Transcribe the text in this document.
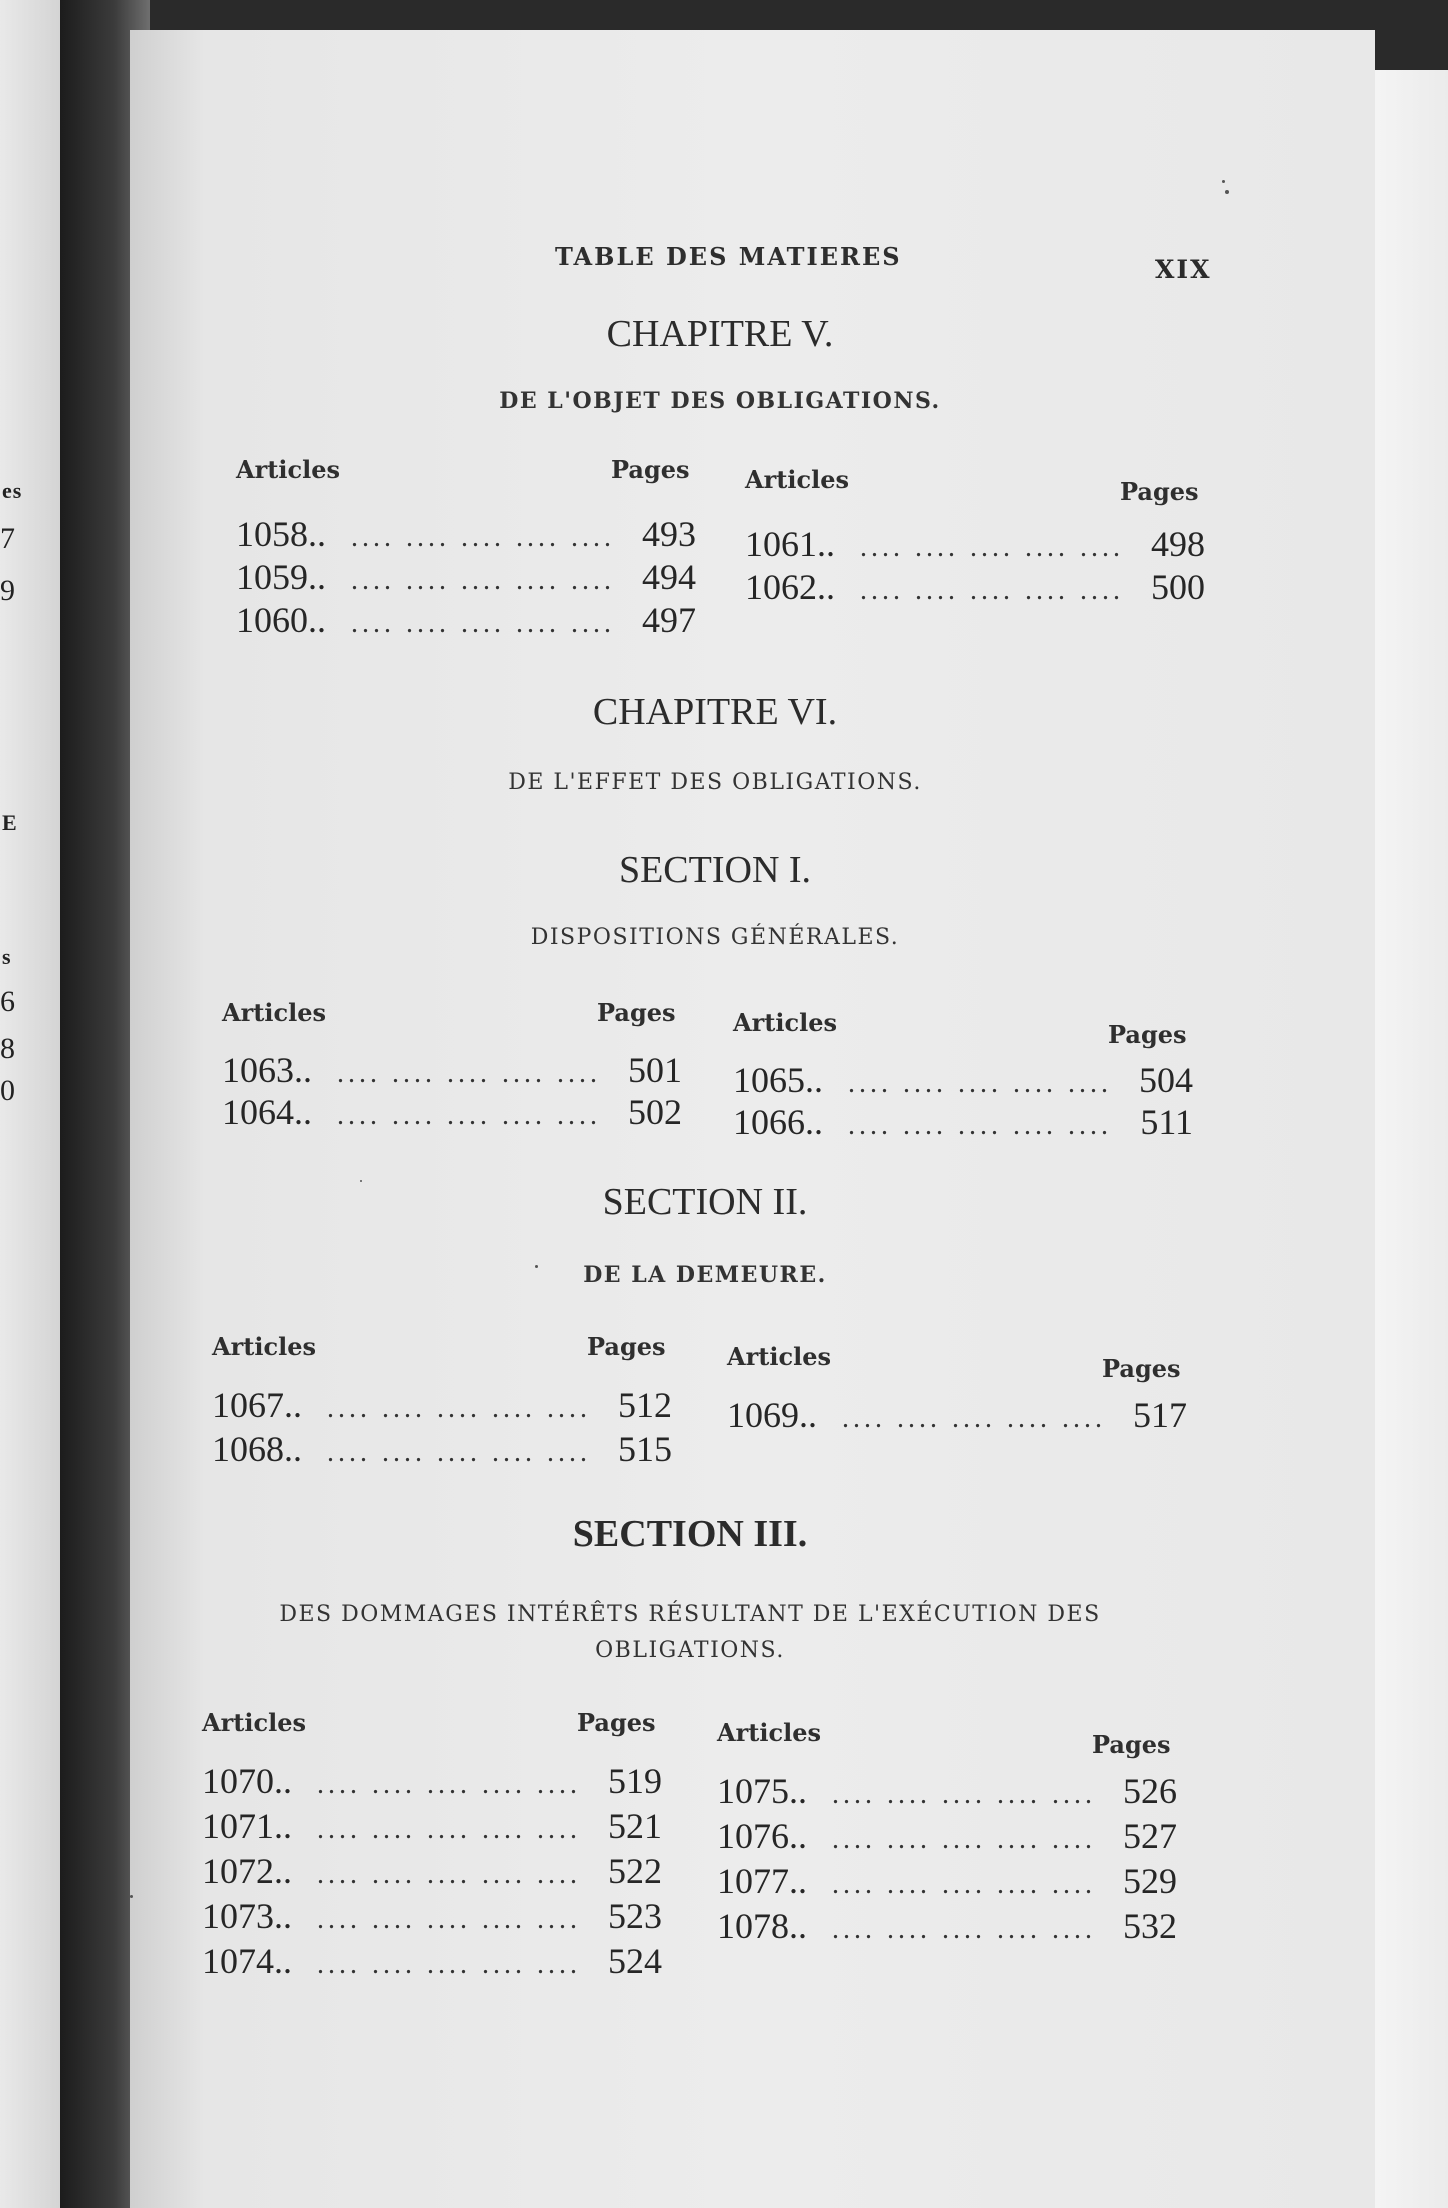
TABLE DES MATIERES	XIX
es
7
9
E
s
6
8
0
CHAPITRE V.
DE L'OBJET DES OBLIGATIONS.
Articles	Pages
1058.. .... .... .... .... .... 493
1059.. .... .... .... .... .... 494
1060.. .... .... .... .... .... 497
Articles	Pages
1061.. .... .... .... .... .... 498
1062.. .... .... .... .... .... 500
CHAPITRE VI.
DE L'EFFET DES OBLIGATIONS.
SECTION I.
DISPOSITIONS GÉNÉRALES.
Articles	Pages
1063.. .... .... .... .... .... 501
1064.. .... .... .... .... .... 502
Articles	Pages
1065.. .... .... .... .... .... 504
1066.. .... .... .... .... .... 511
SECTION II.
DE LA DEMEURE.
Articles	Pages
1067.. .... .... .... .... .... 512
1068.. .... .... .... .... .... 515
Articles	Pages
1069.. .... .... .... .... .... 517
SECTION III.
DES DOMMAGES INTÉRÊTS RÉSULTANT DE L'EXÉCUTION DES
OBLIGATIONS.
Articles	Pages
1070.. .... .... .... .... .... 519
1071.. .... .... .... .... .... 521
1072.. .... .... .... .... .... 522
1073.. .... .... .... .... .... 523
1074.. .... .... .... .... .... 524
Articles	Pages
1075.. .... .... .... .... .... 526
1076.. .... .... .... .... .... 527
1077.. .... .... .... .... .... 529
1078.. .... .... .... .... .... 532
